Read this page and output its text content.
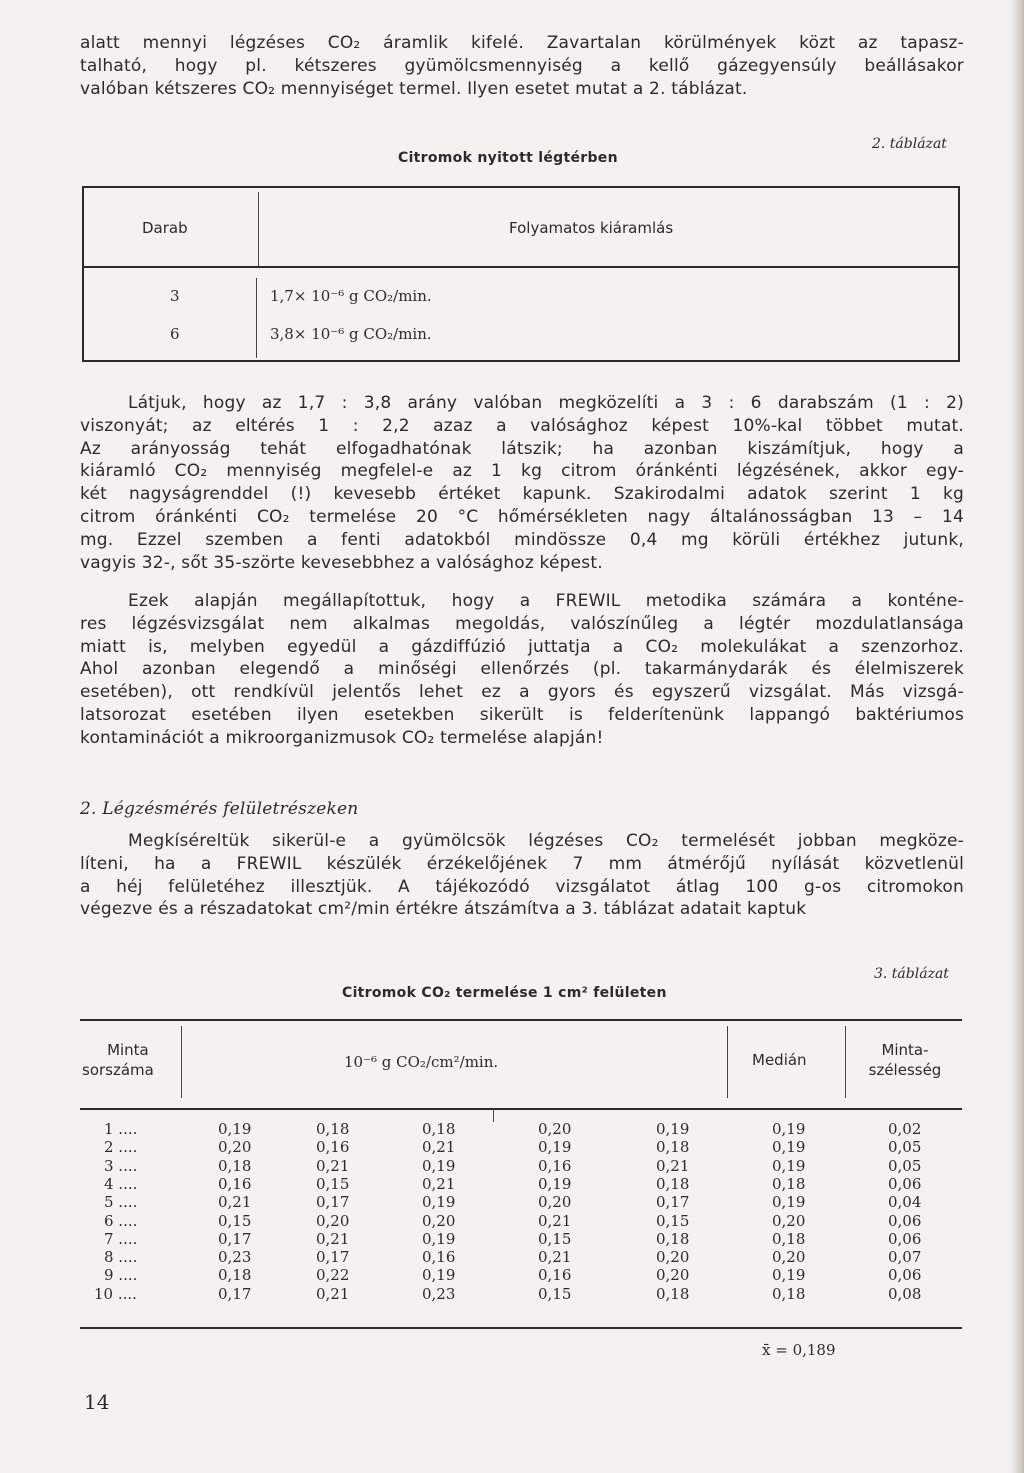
alatt mennyi légzéses CO₂ áramlik kifelé. Zavartalan körülmények közt az tapasz-
talható, hogy pl. kétszeres gyümölcsmennyiség a kellő gázegyensúly beállásakor
valóban kétszeres CO₂ mennyiséget termel. Ilyen esetet mutat a 2. táblázat.
2. táblázat
Citromok nyitott légtérben
Darab	Folyamatos kiáramlás
3	1,7× 10⁻⁶ g CO₂/min.
6	3,8× 10⁻⁶ g CO₂/min.
Látjuk, hogy az 1,7 : 3,8 arány valóban megközelíti a 3 : 6 darabszám (1 : 2)
viszonyát; az eltérés 1 : 2,2 azaz a valósághoz képest 10%-kal többet mutat.
Az arányosság tehát elfogadhatónak látszik; ha azonban kiszámítjuk, hogy a
kiáramló CO₂ mennyiség megfelel-e az 1 kg citrom óránkénti légzésének, akkor egy-
két nagyságrenddel (!) kevesebb értéket kapunk. Szakirodalmi adatok szerint 1 kg
citrom óránkénti CO₂ termelése 20 °C hőmérsékleten nagy általánosságban 13 – 14
mg. Ezzel szemben a fenti adatokból mindössze 0,4 mg körüli értékhez jutunk,
vagyis 32-, sőt 35-szörte kevesebbhez a valósághoz képest.
Ezek alapján megállapítottuk, hogy a FREWIL metodika számára a konténe-
res légzésvizsgálat nem alkalmas megoldás, valószínűleg a légtér mozdulatlansága
miatt is, melyben egyedül a gázdiffúzió juttatja a CO₂ molekulákat a szenzorhoz.
Ahol azonban elegendő a minőségi ellenőrzés (pl. takarmánydarák és élelmiszerek
esetében), ott rendkívül jelentős lehet ez a gyors és egyszerű vizsgálat. Más vizsgá-
latsorozat esetében ilyen esetekben sikerült is felderítenünk lappangó baktériumos
kontaminációt a mikroorganizmusok CO₂ termelése alapján!
2. Légzésmérés felületrészeken
Megkíséreltük sikerül-e a gyümölcsök légzéses CO₂ termelését jobban megköze-
líteni, ha a FREWIL készülék érzékelőjének 7 mm átmérőjű nyílását közvetlenül
a héj felületéhez illesztjük. A tájékozódó vizsgálatot átlag 100 g-os citromokon
végezve és a részadatokat cm²/min értékre átszámítva a 3. táblázat adatait kaptuk
3. táblázat
Citromok CO₂ termelése 1 cm² felületen
Minta
sorszáma	10⁻⁶ g CO₂/cm²/min.	Medián
Minta-
szélesség
1 ....	0,19	0,18	0,18	0,20	0,19	0,19	0,02
2 ....	0,20	0,16	0,21	0,19	0,18	0,19	0,05
3 ....	0,18	0,21	0,19	0,16	0,21	0,19	0,05
4 ....	0,16	0,15	0,21	0,19	0,18	0,18	0,06
5 ....	0,21	0,17	0,19	0,20	0,17	0,19	0,04
6 ....	0,15	0,20	0,20	0,21	0,15	0,20	0,06
7 ....	0,17	0,21	0,19	0,15	0,18	0,18	0,06
8 ....	0,23	0,17	0,16	0,21	0,20	0,20	0,07
9 ....	0,18	0,22	0,19	0,16	0,20	0,19	0,06
10 ....	0,17	0,21	0,23	0,15	0,18	0,18	0,08
x̄ = 0,189
14
